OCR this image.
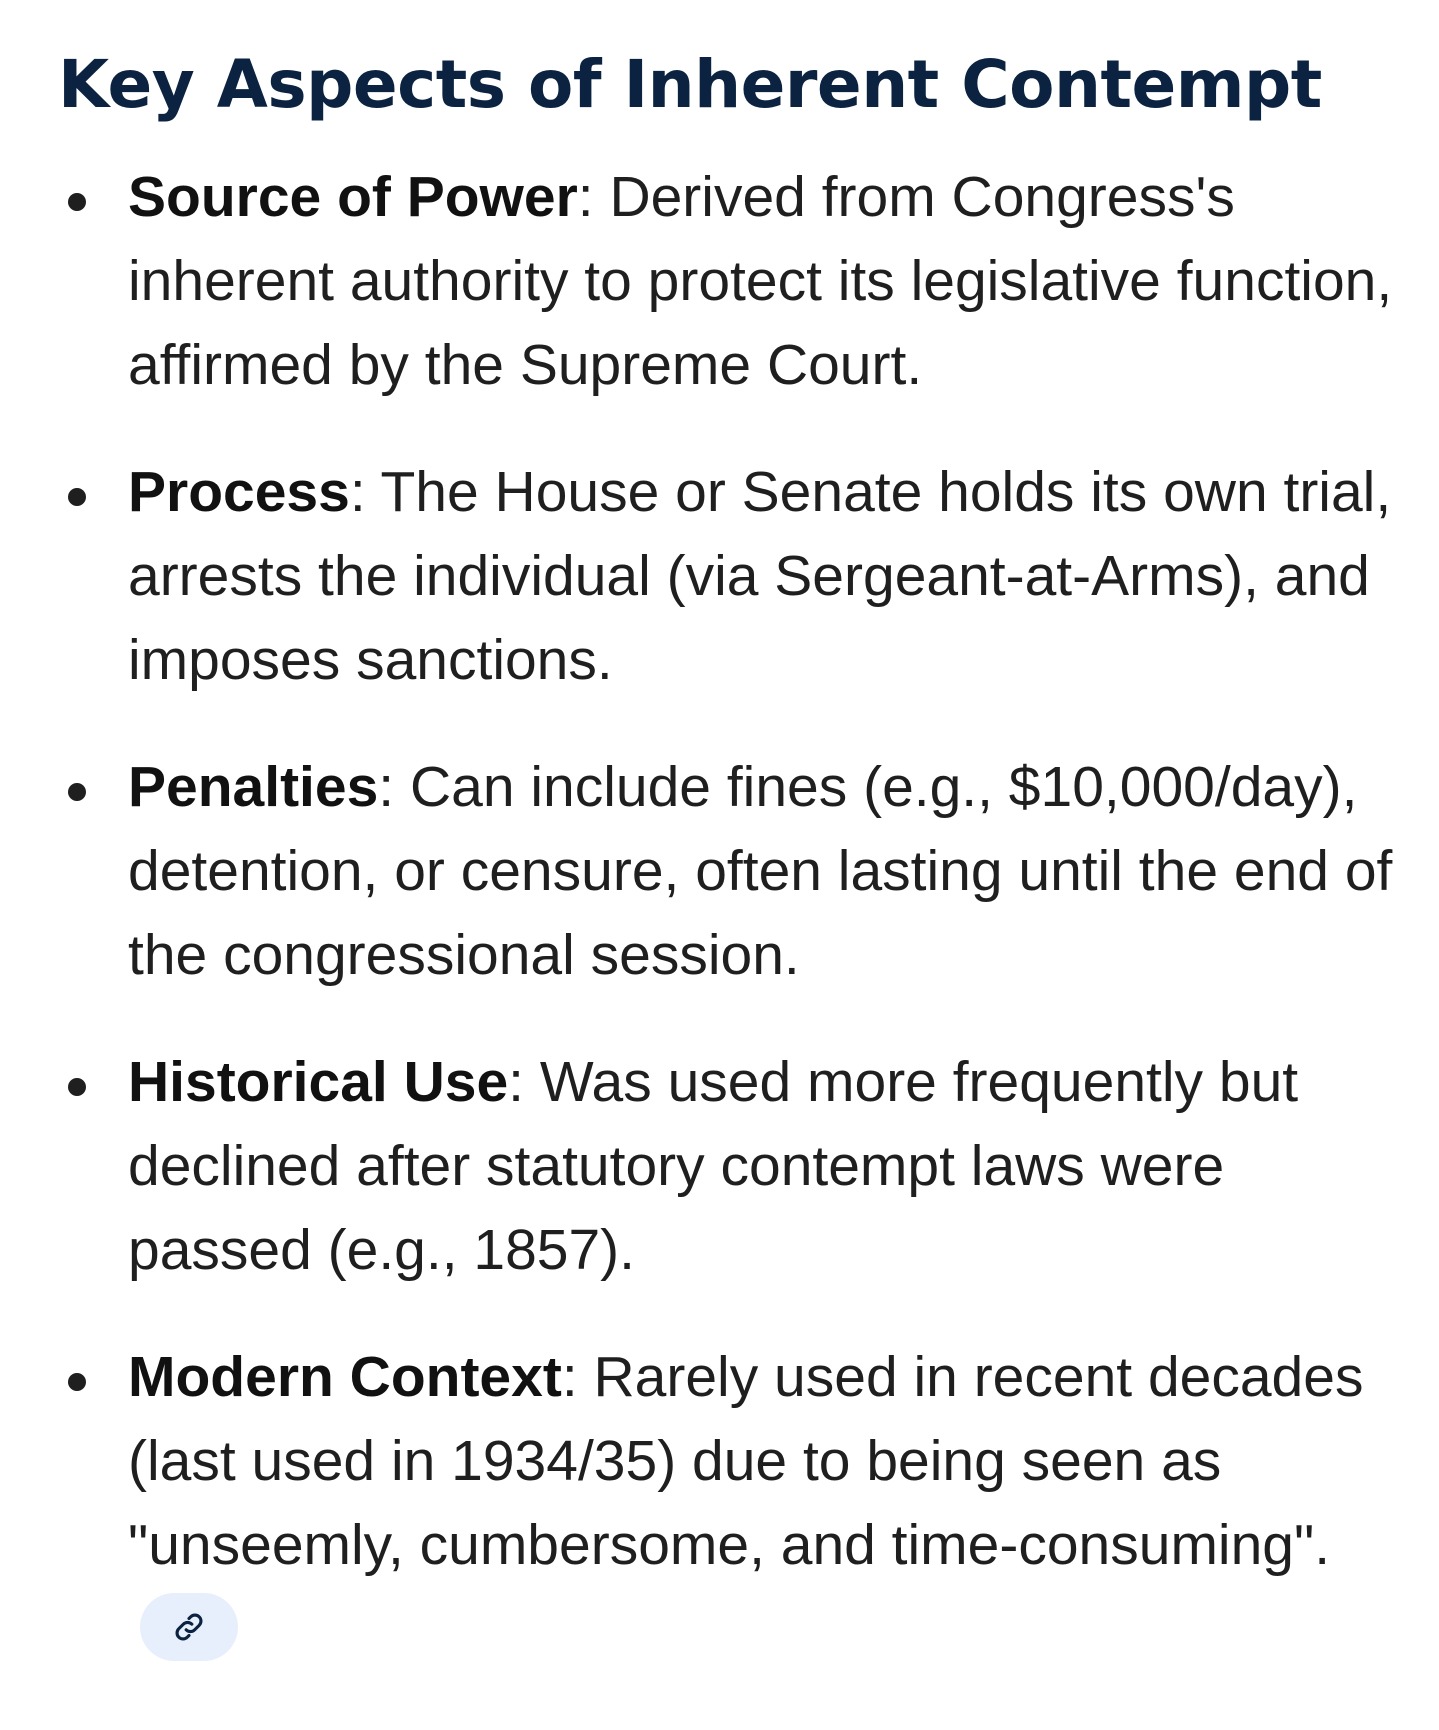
Key Aspects of Inherent Contempt

Source of Power: Derived from Congress's inherent authority to protect its legislative function, affirmed by the Supreme Court.

Process: The House or Senate holds its own trial, arrests the individual (via Sergeant-at-Arms), and imposes sanctions.

Penalties: Can include fines (e.g., $10,000/day), detention, or censure, often lasting until the end of the congressional session.

Historical Use: Was used more frequently but declined after statutory contempt laws were passed (e.g., 1857).

Modern Context: Rarely used in recent decades (last used in 1934/35) due to being seen as "unseemly, cumbersome, and time-consuming".
